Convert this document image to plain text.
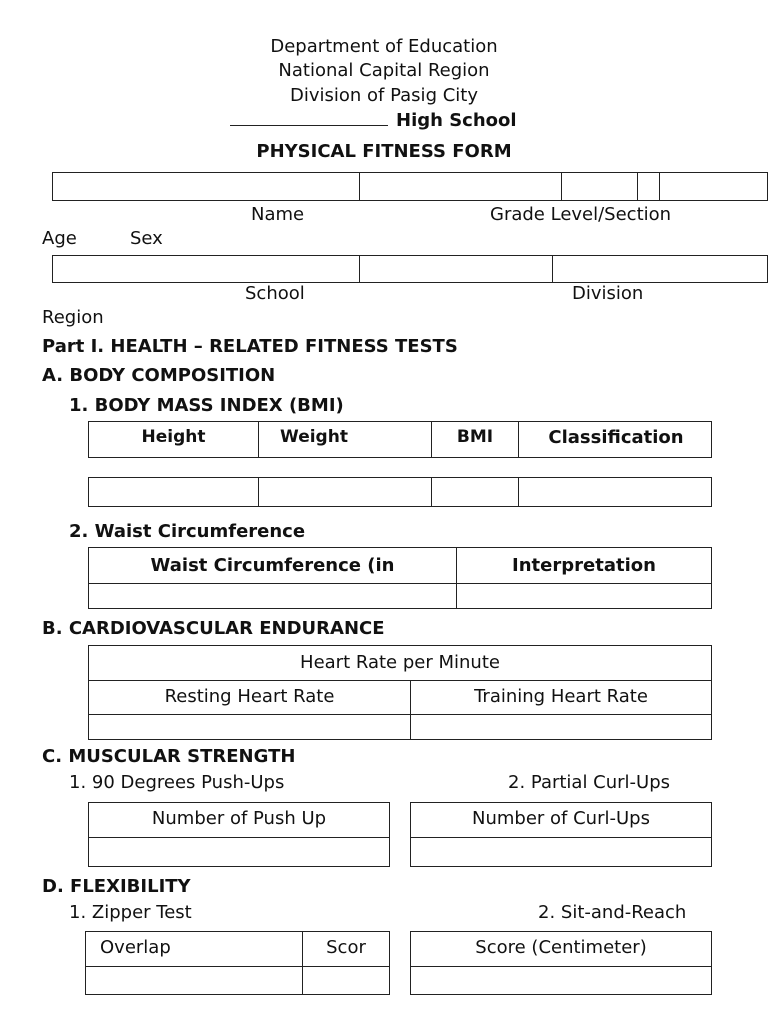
Department of Education
National Capital Region
Division of Pasig City
High School
PHYSICAL FITNESS FORM
Name	Grade Level/Section
Age	Sex
School	Division
Region
Part I. HEALTH – RELATED FITNESS TESTS
A. BODY COMPOSITION
1. BODY MASS INDEX (BMI)
Height	Weight	BMI	Classification
2. Waist Circumference
Waist Circumference (in	Interpretation
B. CARDIOVASCULAR ENDURANCE
Heart Rate per Minute
Resting Heart Rate	Training Heart Rate
C. MUSCULAR STRENGTH
1. 90 Degrees Push-Ups	2. Partial Curl-Ups
Number of Push Up	Number of Curl-Ups
D. FLEXIBILITY
1. Zipper Test	2. Sit-and-Reach
Overlap	Scor	Score (Centimeter)
